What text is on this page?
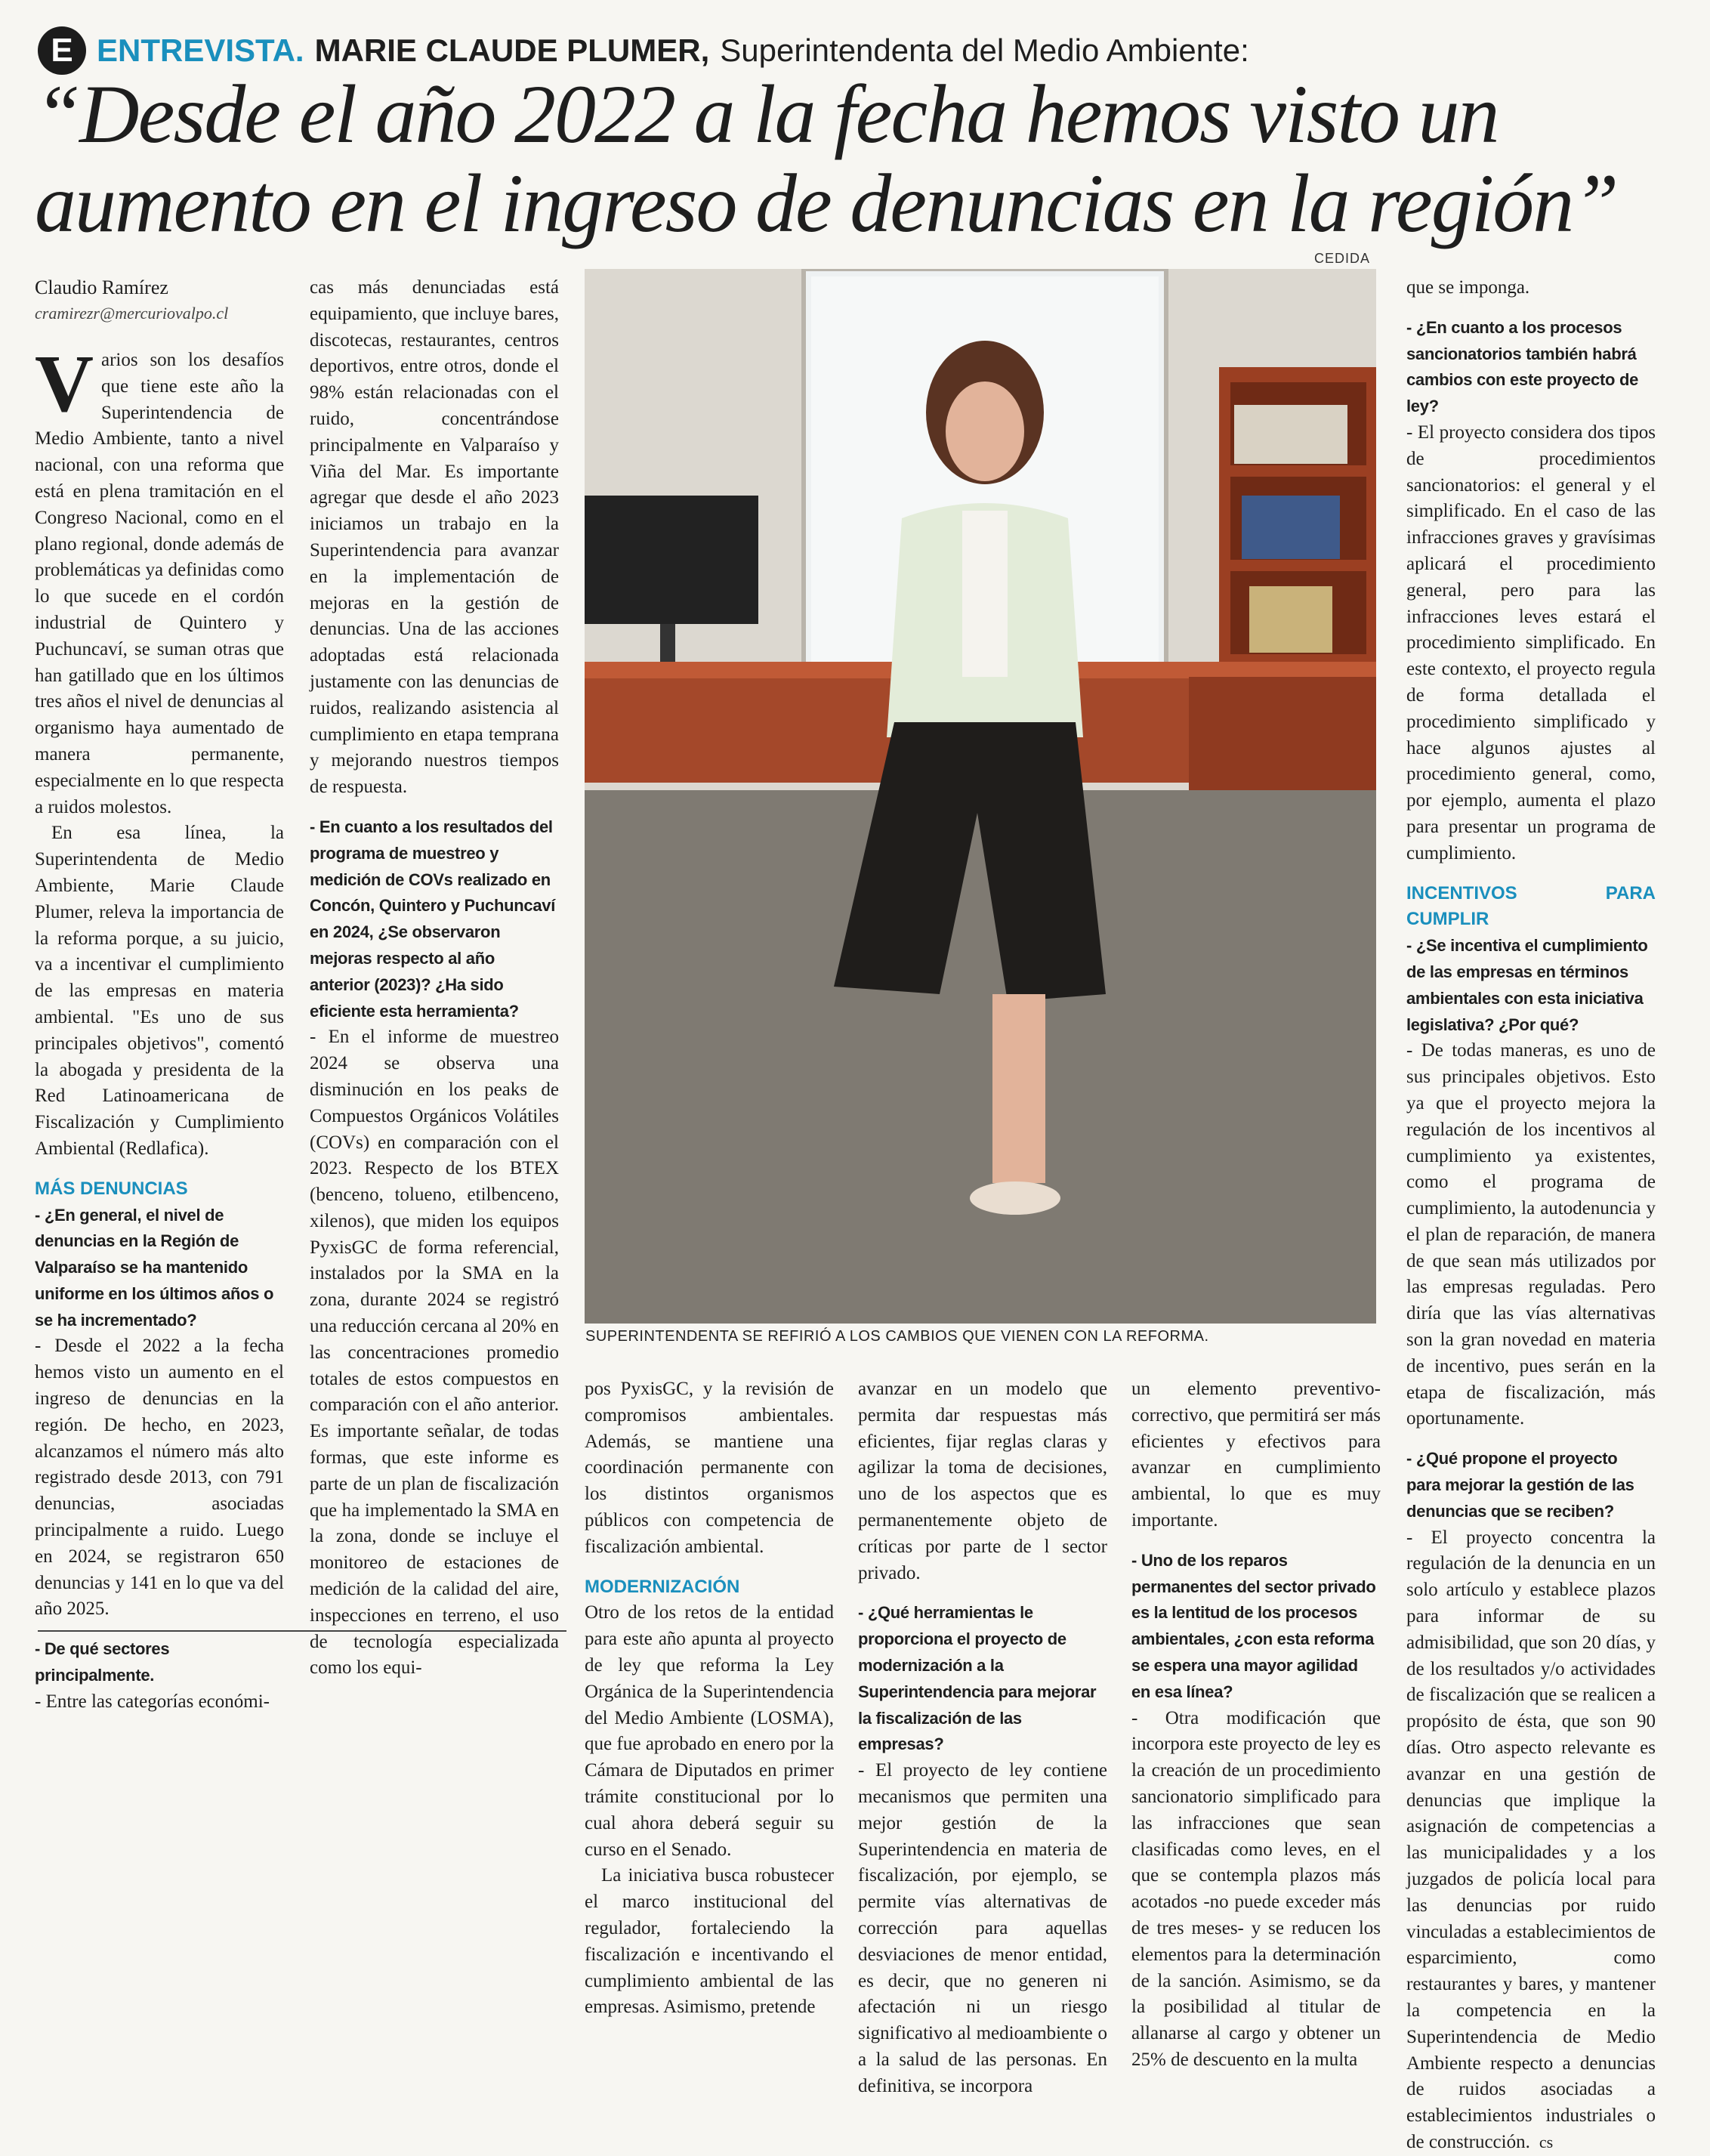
E ENTREVISTA. MARIE CLAUDE PLUMER, Superintendenta del Medio Ambiente:
“Desde el año 2022 a la fecha hemos visto un
aumento en el ingreso de denuncias en la región”
CEDIDA
SUPERINTENDENTA SE REFIRIÓ A LOS CAMBIOS QUE VIENEN CON LA REFORMA.
Claudio Ramírez
cramirezr@mercuriovalpo.cl

Varios son los desafíos que tiene este año la Superintendencia de Medio Ambiente, tanto a nivel nacional, con una reforma que está en plena tramitación en el Congreso Nacional, como en el plano regional, donde además de problemáticas ya definidas como lo que sucede en el cordón industrial de Quintero y Puchuncaví, se suman otras que han gatillado que en los últimos tres años el nivel de denuncias al organismo haya aumentado de manera permanente, especialmente en lo que respecta a ruidos molestos.

En esa línea, la Superintendenta de Medio Ambiente, Marie Claude Plumer, releva la importancia de la reforma porque, a su juicio, va a incentivar el cumplimiento de las empresas en materia ambiental. "Es uno de sus principales objetivos", comentó la abogada y presidenta de la Red Latinoamericana de Fiscalización y Cumplimiento Ambiental (Redlafica).

MÁS DENUNCIAS

- ¿En general, el nivel de denuncias en la Región de Valparaíso se ha mantenido uniforme en los últimos años o se ha incrementado?

- Desde el 2022 a la fecha hemos visto un aumento en el ingreso de denuncias en la región. De hecho, en 2023, alcanzamos el número más alto registrado desde 2013, con 791 denuncias, asociadas principalmente a ruido. Luego en 2024, se registraron 650 denuncias y 141 en lo que va del año 2025.

- De qué sectores principalmente.

- Entre las categorías económi-

cas más denunciadas está equipamiento, que incluye bares, discotecas, restaurantes, centros deportivos, entre otros, donde el 98% están relacionadas con el ruido, concentrándose principalmente en Valparaíso y Viña del Mar. Es importante agregar que desde el año 2023 iniciamos un trabajo en la Superintendencia para avanzar en la implementación de mejoras en la gestión de denuncias. Una de las acciones adoptadas está relacionada justamente con las denuncias de ruidos, realizando asistencia al cumplimiento en etapa temprana y mejorando nuestros tiempos de respuesta.

- En cuanto a los resultados del programa de muestreo y medición de COVs realizado en Concón, Quintero y Puchuncaví en 2024, ¿Se observaron mejoras respecto al año anterior (2023)? ¿Ha sido eficiente esta herramienta?

- En el informe de muestreo 2024 se observa una disminución en los peaks de Compuestos Orgánicos Volátiles (COVs) en comparación con el 2023. Respecto de los BTEX (benceno, tolueno, etilbenceno, xilenos), que miden los equipos PyxisGC de forma referencial, instalados por la SMA en la zona, durante 2024 se registró una reducción cercana al 20% en las concentraciones promedio totales de estos compuestos en comparación con el año anterior. Es importante señalar, de todas formas, que este informe es parte de un plan de fiscalización que ha implementado la SMA en la zona, donde se incluye el monitoreo de estaciones de medición de la calidad del aire, inspecciones en terreno, el uso de tecnología especializada como los equi-

pos PyxisGC, y la revisión de compromisos ambientales. Además, se mantiene una coordinación permanente con los distintos organismos públicos con competencia de fiscalización ambiental.

MODERNIZACIÓN

Otro de los retos de la entidad para este año apunta al proyecto de ley que reforma la Ley Orgánica de la Superintendencia del Medio Ambiente (LOSMA), que fue aprobado en enero por la Cámara de Diputados en primer trámite constitucional por lo cual ahora deberá seguir su curso en el Senado.

La iniciativa busca robustecer el marco institucional del regulador, fortaleciendo la fiscalización e incentivando el cumplimiento ambiental de las empresas. Asimismo, pretende

avanzar en un modelo que permita dar respuestas más eficientes, fijar reglas claras y agilizar la toma de decisiones, uno de los aspectos que es permanentemente objeto de críticas por parte de l sector privado.

- ¿Qué herramientas le proporciona el proyecto de modernización a la Superintendencia para mejorar la fiscalización de las empresas?

- El proyecto de ley contiene mecanismos que permiten una mejor gestión de la Superintendencia en materia de fiscalización, por ejemplo, se permite vías alternativas de corrección para aquellas desviaciones de menor entidad, es decir, que no generen ni afectación ni un riesgo significativo al medioambiente o a la salud de las personas. En definitiva, se incorpora

un elemento preventivo-correctivo, que permitirá ser más eficientes y efectivos para avanzar en cumplimiento ambiental, lo que es muy importante.

- Uno de los reparos permanentes del sector privado es la lentitud de los procesos ambientales, ¿con esta reforma se espera una mayor agilidad en esa línea?

- Otra modificación que incorpora este proyecto de ley es la creación de un procedimiento sancionatorio simplificado para las infracciones que sean clasificadas como leves, en el que se contempla plazos más acotados -no puede exceder más de tres meses- y se reducen los elementos para la determinación de la sanción. Asimismo, se da la posibilidad al titular de allanarse al cargo y obtener un 25% de descuento en la multa

que se imponga.

- ¿En cuanto a los procesos sancionatorios también habrá cambios con este proyecto de ley?

- El proyecto considera dos tipos de procedimientos sancionatorios: el general y el simplificado. En el caso de las infracciones graves y gravísimas aplicará el procedimiento general, pero para las infracciones leves estará el procedimiento simplificado. En este contexto, el proyecto regula de forma detallada el procedimiento simplificado y hace algunos ajustes al procedimiento general, como, por ejemplo, aumenta el plazo para presentar un programa de cumplimiento.

INCENTIVOS PARA CUMPLIR

- ¿Se incentiva el cumplimiento de las empresas en términos ambientales con esta iniciativa legislativa? ¿Por qué?

- De todas maneras, es uno de sus principales objetivos. Esto ya que el proyecto mejora la regulación de los incentivos al cumplimiento ya existentes, como el programa de cumplimiento, la autodenuncia y el plan de reparación, de manera de que sean más utilizados por las empresas reguladas. Pero diría que las vías alternativas son la gran novedad en materia de incentivo, pues serán en la etapa de fiscalización, más oportunamente.

- ¿Qué propone el proyecto para mejorar la gestión de las denuncias que se reciben?

- El proyecto concentra la regulación de la denuncia en un solo artículo y establece plazos para informar de su admisibilidad, que son 20 días, y de los resultados y/o actividades de fiscalización que se realicen a propósito de ésta, que son 90 días. Otro aspecto relevante es avanzar en una gestión de denuncias que implique la asignación de competencias a las municipalidades y a los juzgados de policía local para las denuncias por ruido vinculadas a establecimientos de esparcimiento, como restaurantes y bares, y mantener la competencia en la Superintendencia de Medio Ambiente respecto a denuncias de ruidos asociadas a establecimientos industriales o de construcción. cs
